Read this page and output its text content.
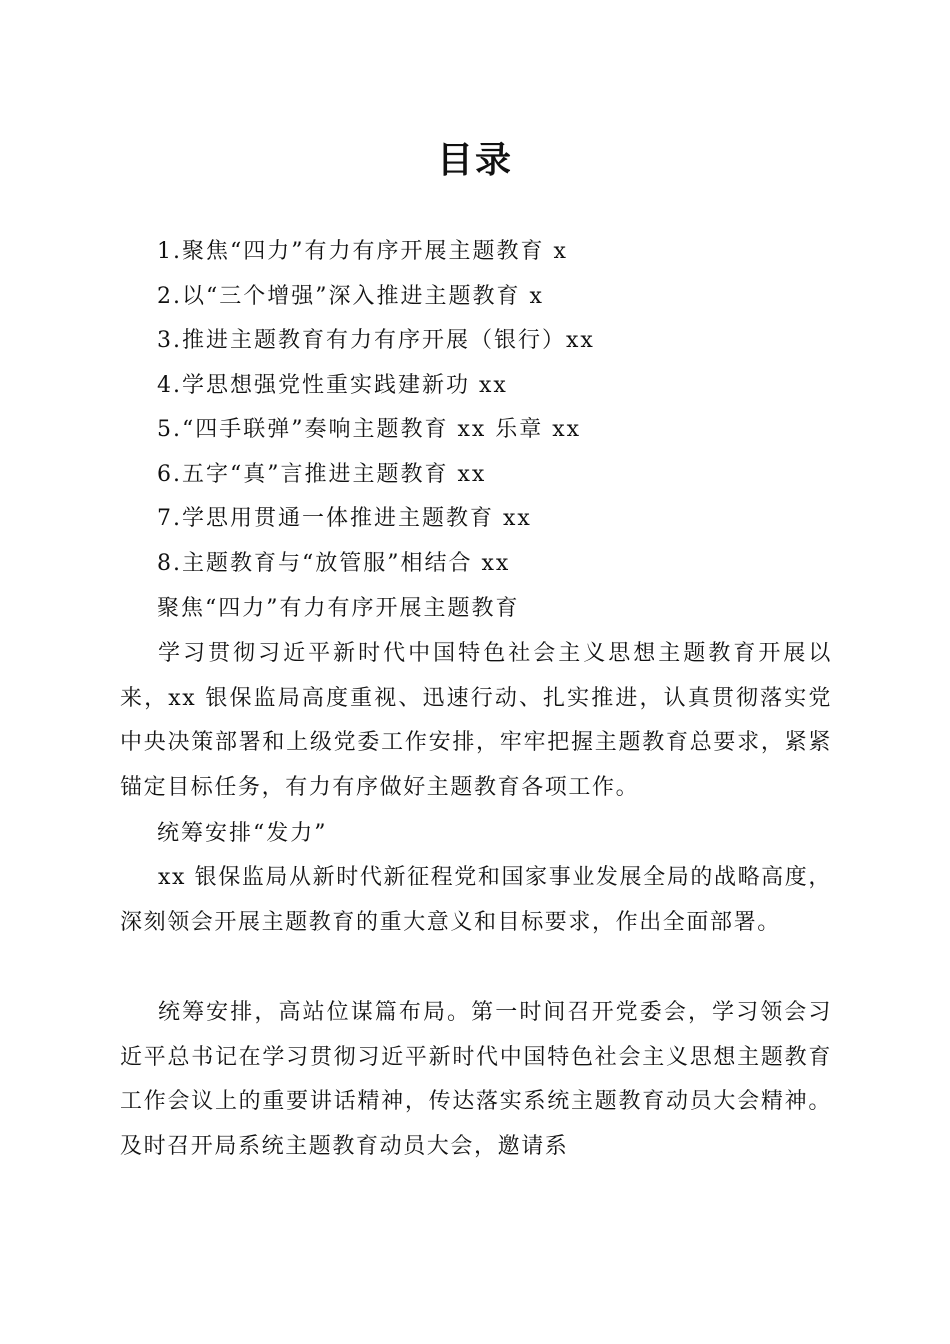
目录
1.聚焦“四力”有力有序开展主题教育 x
2.以“三个增强”深入推进主题教育 x
3.推进主题教育有力有序开展（银行）xx
4.学思想强党性重实践建新功 xx
5.“四手联弹”奏响主题教育 xx 乐章 xx
6.五字“真”言推进主题教育 xx
7.学思用贯通一体推进主题教育 xx
8.主题教育与“放管服”相结合 xx
聚焦“四力”有力有序开展主题教育

学习贯彻习近平新时代中国特色社会主义思想主题教育开展以来，xx 银保监局高度重视、迅速行动、扎实推进，认真贯彻落实党中央决策部署和上级党委工作安排，牢牢把握主题教育总要求，紧紧锚定目标任务，有力有序做好主题教育各项工作。

统筹安排“发力”

xx 银保监局从新时代新征程党和国家事业发展全局的战略高度，深刻领会开展主题教育的重大意义和目标要求，作出全面部署。

统筹安排，高站位谋篇布局。第一时间召开党委会，学习领会习近平总书记在学习贯彻习近平新时代中国特色社会主义思想主题教育工作会议上的重要讲话精神，传达落实系统主题教育动员大会精神。及时召开局系统主题教育动员大会，邀请系
